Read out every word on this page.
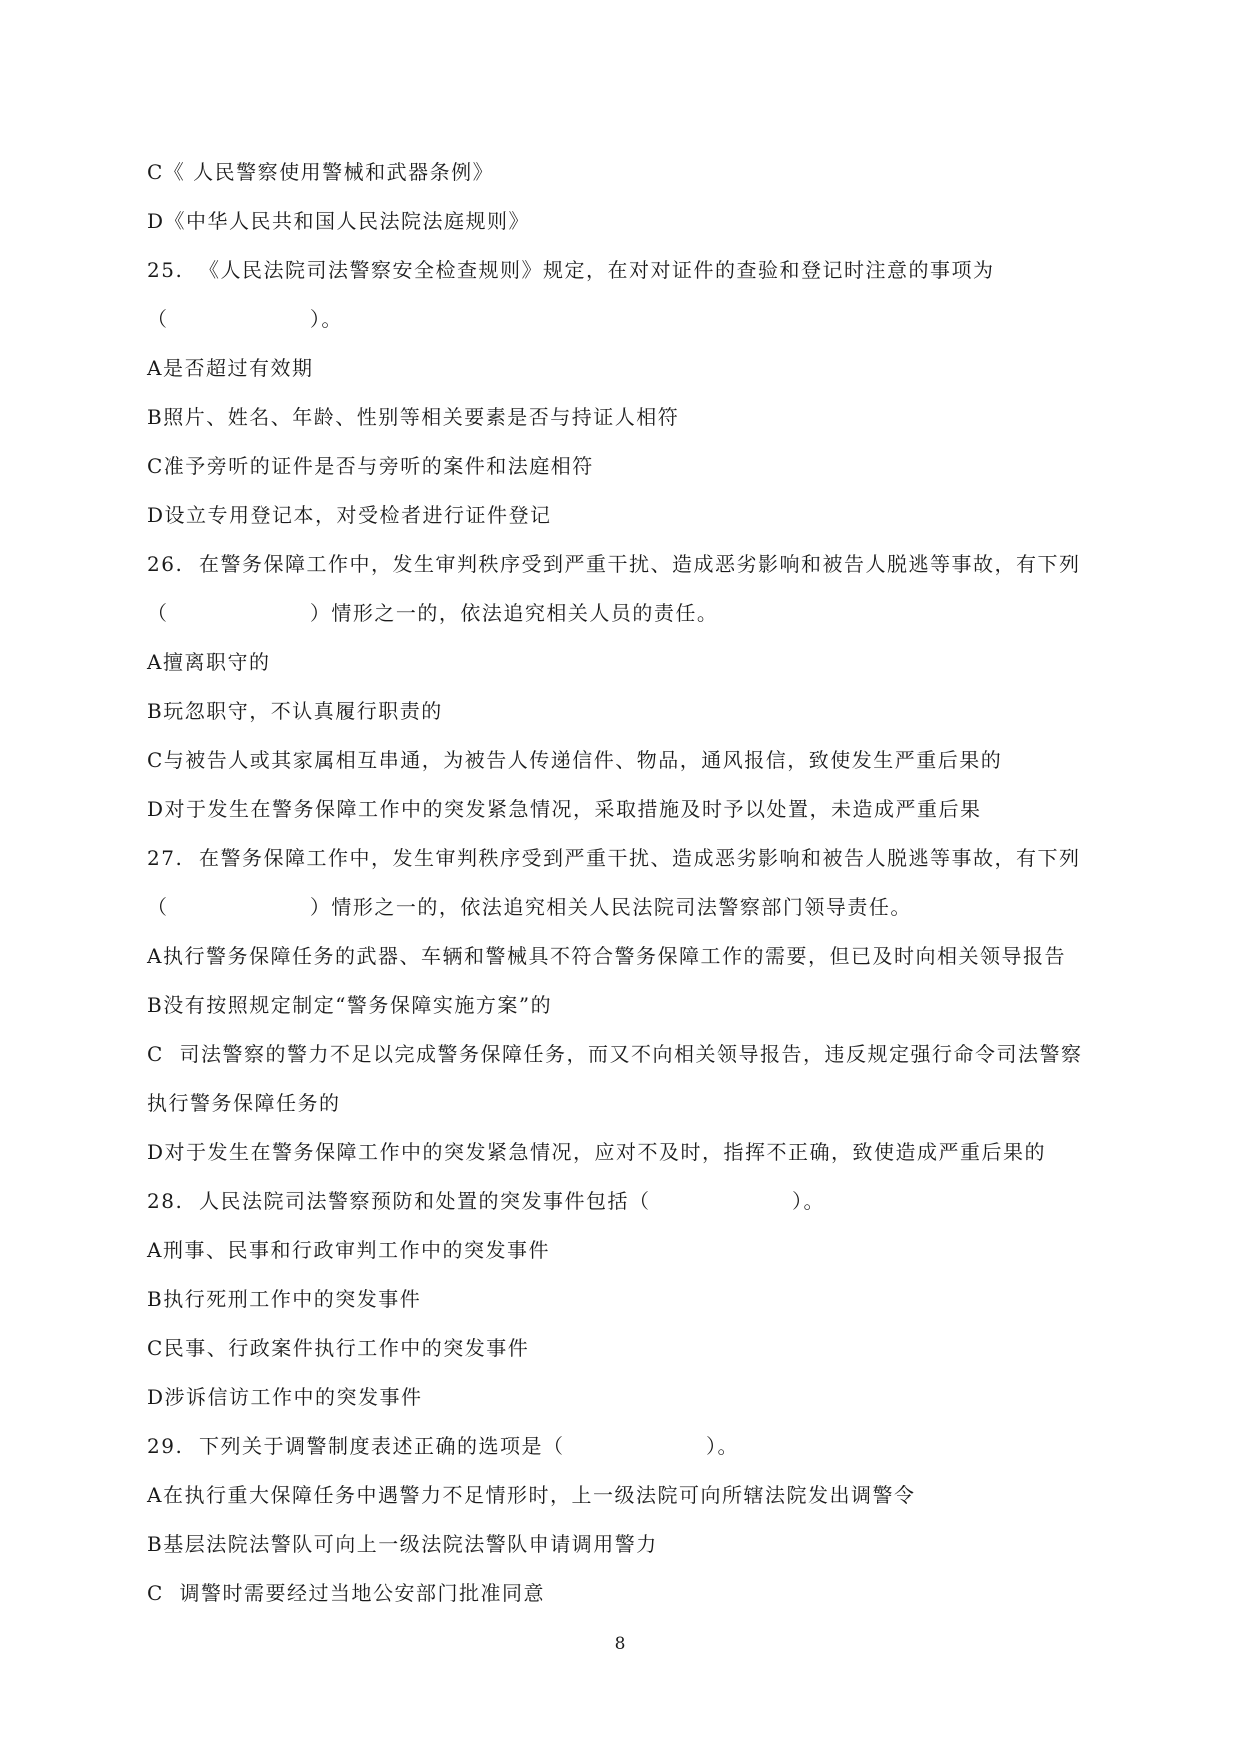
C《 人民警察使用警械和武器条例》
D《中华人民共和国人民法院法庭规则》
25.  《人民法院司法警察安全检查规则》规定，在对对证件的查验和登记时注意的事项为
（                  ）。
A是否超过有效期
B照片、姓名、年龄、性别等相关要素是否与持证人相符
C准予旁听的证件是否与旁听的案件和法庭相符
D设立专用登记本，对受检者进行证件登记
26.  在警务保障工作中，发生审判秩序受到严重干扰、造成恶劣影响和被告人脱逃等事故，有下列
（                  ）情形之一的，依法追究相关人员的责任。
A擅离职守的
B玩忽职守，不认真履行职责的
C与被告人或其家属相互串通，为被告人传递信件、物品，通风报信，致使发生严重后果的
D对于发生在警务保障工作中的突发紧急情况，采取措施及时予以处置，未造成严重后果
27.  在警务保障工作中，发生审判秩序受到严重干扰、造成恶劣影响和被告人脱逃等事故，有下列
（                  ）情形之一的，依法追究相关人民法院司法警察部门领导责任。
A执行警务保障任务的武器、车辆和警械具不符合警务保障工作的需要，但已及时向相关领导报告
B没有按照规定制定“警务保障实施方案”的
C  司法警察的警力不足以完成警务保障任务，而又不向相关领导报告，违反规定强行命令司法警察
执行警务保障任务的
D对于发生在警务保障工作中的突发紧急情况，应对不及时，指挥不正确，致使造成严重后果的
28.  人民法院司法警察预防和处置的突发事件包括（                  ）。
A刑事、民事和行政审判工作中的突发事件
B执行死刑工作中的突发事件
C民事、行政案件执行工作中的突发事件
D涉诉信访工作中的突发事件
29.  下列关于调警制度表述正确的选项是（                  ）。
A在执行重大保障任务中遇警力不足情形时，上一级法院可向所辖法院发出调警令
B基层法院法警队可向上一级法院法警队申请调用警力
C  调警时需要经过当地公安部门批准同意
8
